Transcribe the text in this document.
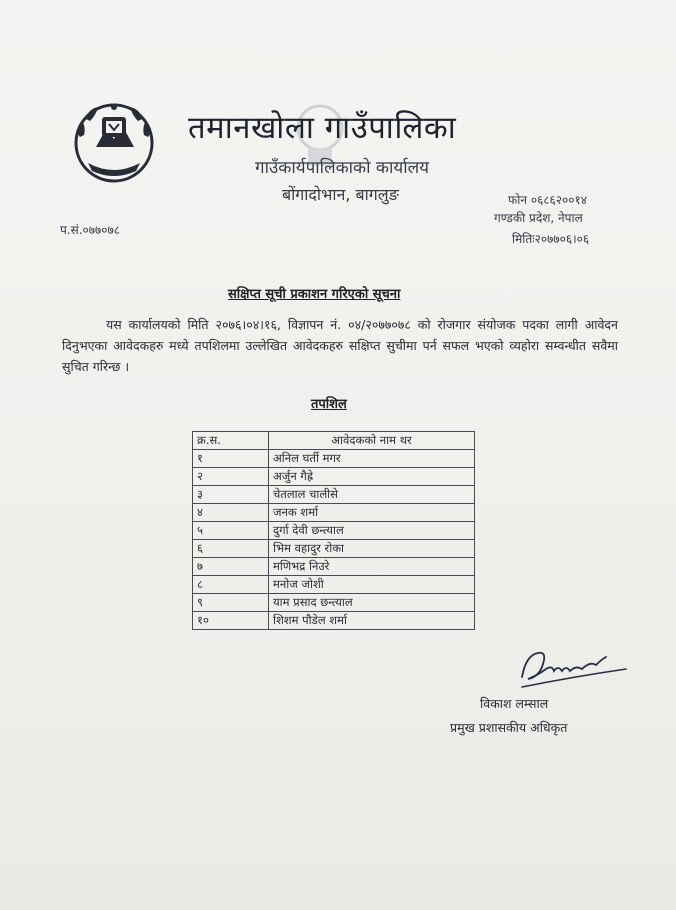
तमानखोला गाउँपालिका
गाउँकार्यपालिकाको कार्यालय
बोंगादोभान, बागलुङ	फोन ०६८६२००१४
गण्डकी प्रदेश, नेपाल
मितिः२०७७०६।०६
प.सं.०७७०७८
सक्षिप्त सूची प्रकाशन गरिएको सूचना
यस कार्यालयको मिति २०७६।०४।१६, विज्ञापन नं. ०४/२०७७०७८ को रोजगार संयोजक पदका लागी आवेदन दिनुभएका आवेदकहरु मध्ये तपशिलमा उल्लेखित आवेदकहरु सक्षिप्त सुचीमा पर्न सफल भएको व्यहोरा सम्वन्धीत सवैमा सुचित गरिन्छ ।
तपशिल
क्र.स.	आवेदकको नाम थर
१	अनिल घर्ती मगर
२	अर्जुन गैह्रे
३	चेतलाल चालीसे
४	जनक शर्मा
५	दुर्गा देवी छन्त्याल
६	भिम वहादुर रोका
७	मणिभद्र निउरे
८	मनोज जोशी
९	याम प्रसाद छन्त्याल
१०	शिशम पौडेल शर्मा
विकाश लम्साल
प्रमुख प्रशासकीय अधिकृत
